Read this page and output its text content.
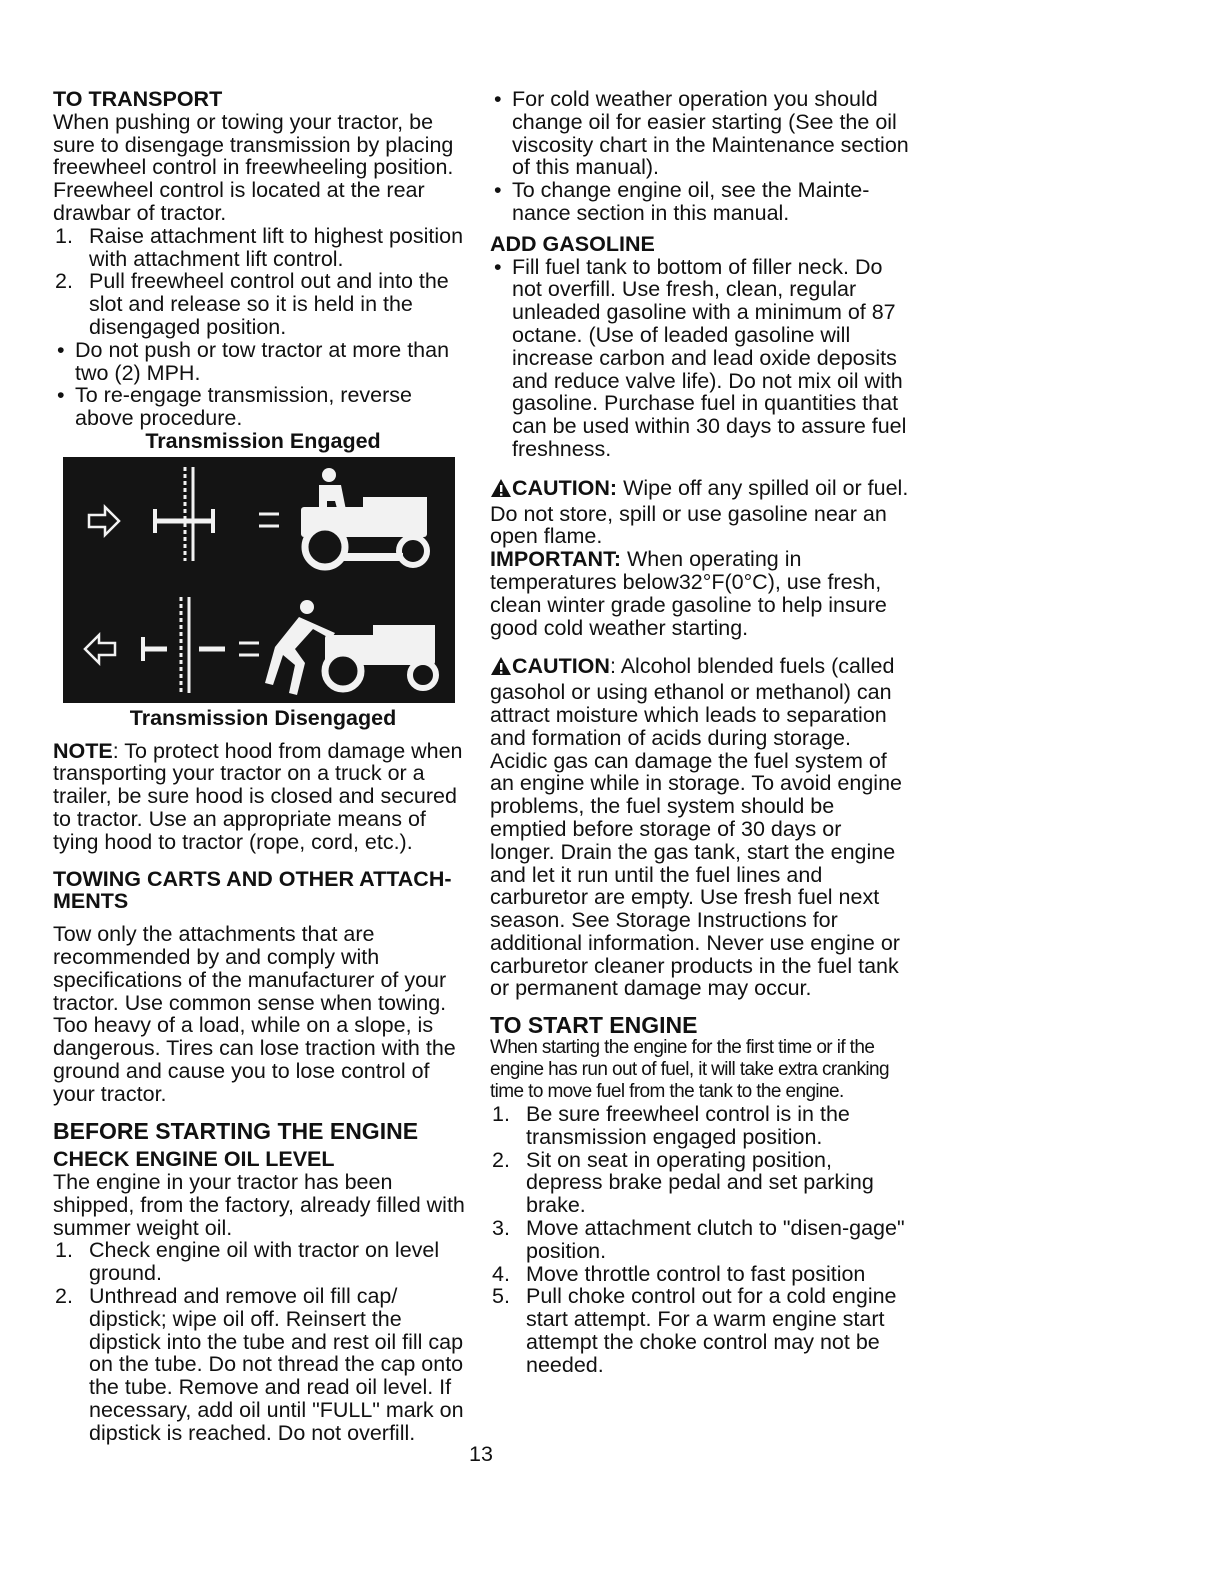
TO TRANSPORT

When pushing or towing your tractor, be sure to disengage transmission by placing freewheel control in freewheeling position. Freewheel control is located at the rear drawbar of tractor.

1. Raise attachment lift to highest position with attachment lift control.
2. Pull freewheel control out and into the slot and release so it is held in the disengaged position.
• Do not push or tow tractor at more than two (2) MPH.
• To re-engage transmission, reverse above procedure.
Transmission Engaged
Transmission Disengaged

NOTE: To protect hood from damage when transporting your tractor on a truck or a trailer, be sure hood is closed and secured to tractor. Use an appropriate means of tying hood to tractor (rope, cord, etc.).

TOWING CARTS AND OTHER ATTACH-MENTS

Tow only the attachments that are recommended by and comply with specifications of the manufacturer of your tractor. Use common sense when towing. Too heavy of a load, while on a slope, is dangerous. Tires can lose traction with the ground and cause you to lose control of your tractor.

BEFORE STARTING THE ENGINE
CHECK ENGINE OIL LEVEL

The engine in your tractor has been shipped, from the factory, already filled with summer weight oil.

1. Check engine oil with tractor on level ground.
2. Unthread and remove oil fill cap/ dipstick; wipe oil off. Reinsert the dipstick into the tube and rest oil fill cap on the tube. Do not thread the cap onto the tube. Remove and read oil level. If necessary, add oil until "FULL" mark on dipstick is reached. Do not overfill.
• For cold weather operation you should change oil for easier starting (See the oil viscosity chart in the Maintenance section of this manual).
• To change engine oil, see the Mainte-nance section in this manual.
ADD GASOLINE
• Fill fuel tank to bottom of filler neck. Do not overfill. Use fresh, clean, regular unleaded gasoline with a minimum of 87 octane. (Use of leaded gasoline will increase carbon and lead oxide deposits and reduce valve life). Do not mix oil with gasoline. Purchase fuel in quantities that can be used within 30 days to assure fuel freshness.

CAUTION: Wipe off any spilled oil or fuel. Do not store, spill or use gasoline near an open flame.

IMPORTANT: When operating in temperatures below32°F(0°C), use fresh, clean winter grade gasoline to help insure good cold weather starting.

CAUTION: Alcohol blended fuels (called gasohol or using ethanol or methanol) can attract moisture which leads to separation and formation of acids during storage. Acidic gas can damage the fuel system of an engine while in storage. To avoid engine problems, the fuel system should be emptied before storage of 30 days or longer. Drain the gas tank, start the engine and let it run until the fuel lines and carburetor are empty. Use fresh fuel next season. See Storage Instructions for additional information. Never use engine or carburetor cleaner products in the fuel tank or permanent damage may occur.

TO START ENGINE

When starting the engine for the first time or if the engine has run out of fuel, it will take extra cranking time to move fuel from the tank to the engine.

1. Be sure freewheel control is in the transmission engaged position.
2. Sit on seat in operating position, depress brake pedal and set parking brake.
3. Move attachment clutch to "disen-gage" position.
4. Move throttle control to fast position
5. Pull choke control out for a cold engine start attempt. For a warm engine start attempt the choke control may not be needed.
13
